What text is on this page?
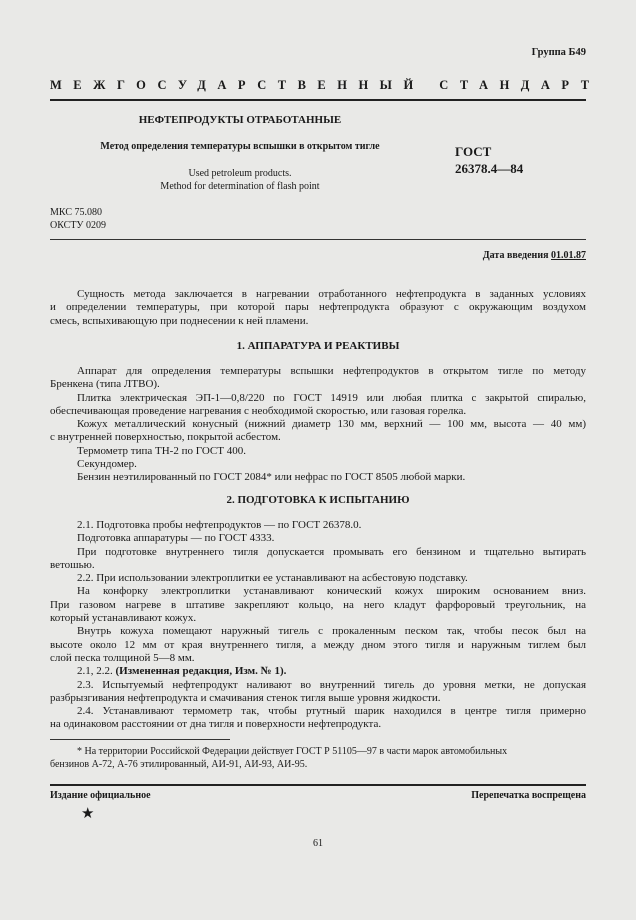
Группа Б49
МЕЖГОСУДАРСТВЕННЫЙ СТАНДАРТ
НЕФТЕПРОДУКТЫ ОТРАБОТАННЫЕ
Метод определения температуры вспышки в открытом тигле
Used petroleum products.
Method for determination of flash point
ГОСТ
26378.4—84
МКС 75.080
ОКСТУ 0209
Дата введения 01.01.87

Сущность метода заключается в нагревании отработанного нефтепродукта в заданных условиях

и определении температуры, при которой пары нефтепродукта образуют с окружающим воздухом

смесь, вспыхивающую при поднесении к ней пламени.

1. АППАРАТУРА И РЕАКТИВЫ

Аппарат для определения температуры вспышки нефтепродуктов в открытом тигле по методу

Бренкена (типа ЛТВО).

Плитка электрическая ЭП-1—0,8/220 по ГОСТ 14919 или любая плитка с закрытой спиралью,

обеспечивающая проведение нагревания с необходимой скоростью, или газовая горелка.

Кожух металлический конусный (нижний диаметр 130 мм, верхний — 100 мм, высота — 40 мм)

с внутренней поверхностью, покрытой асбестом.

Термометр типа ТН-2 по ГОСТ 400.

Секундомер.

Бензин неэтилированный по ГОСТ 2084* или нефрас по ГОСТ 8505 любой марки.

2. ПОДГОТОВКА К ИСПЫТАНИЮ

2.1. Подготовка пробы нефтепродуктов — по ГОСТ 26378.0.

Подготовка аппаратуры — по ГОСТ 4333.

При подготовке внутреннего тигля допускается промывать его бензином и тщательно вытирать

ветошью.

2.2. При использовании электроплитки ее устанавливают на асбестовую подставку.

На конфорку электроплитки устанавливают конический кожух широким основанием вниз.

При газовом нагреве в штативе закрепляют кольцо, на него кладут фарфоровый треугольник, на

который устанавливают кожух.

Внутрь кожуха помещают наружный тигель с прокаленным песком так, чтобы песок был на

высоте около 12 мм от края внутреннего тигля, а между дном этого тигля и наружным тиглем был

слой песка толщиной 5—8 мм.

2.1, 2.2. (Измененная редакция, Изм. № 1).

2.3. Испытуемый нефтепродукт наливают во внутренний тигель до уровня метки, не допуская

разбрызгивания нефтепродукта и смачивания стенок тигля выше уровня жидкости.

2.4. Устанавливают термометр так, чтобы ртутный шарик находился в центре тигля примерно

на одинаковом расстоянии от дна тигля и поверхности нефтепродукта.

* На территории Российской Федерации действует ГОСТ Р 51105—97 в части марок автомобильных

бензинов А-72, А-76 этилированный, АИ-91, АИ-93, АИ-95.

Издание официальное	Перепечатка воспрещена
★
61
